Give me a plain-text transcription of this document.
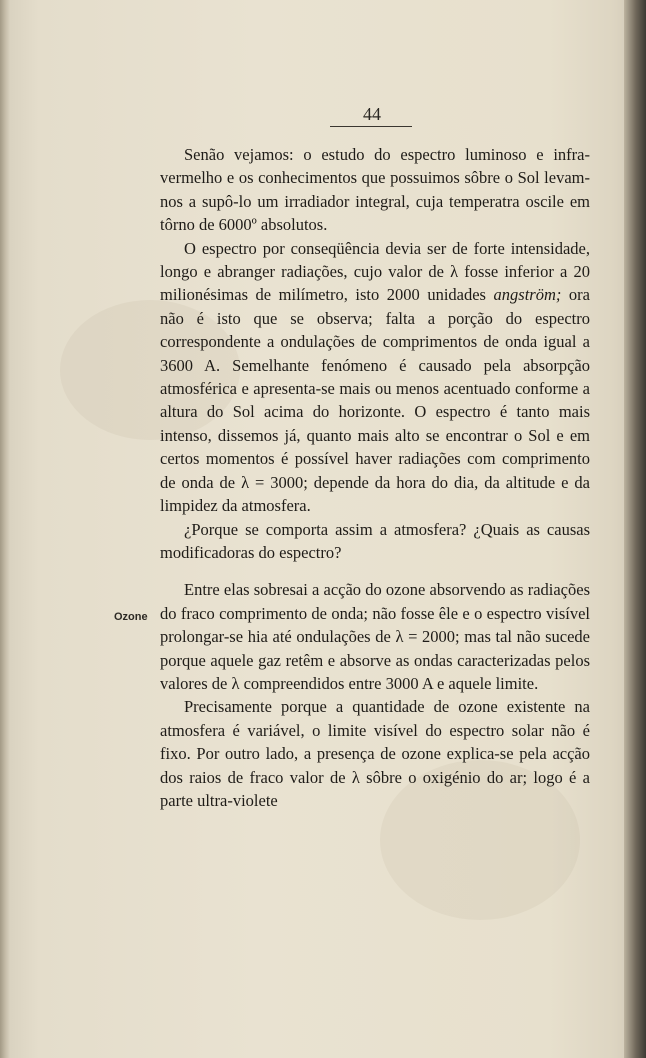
44
Ozone

Senão vejamos: o estudo do espectro luminoso e infra-vermelho e os conhecimentos que possuimos sôbre o Sol levam-nos a supô-lo um irradiador integral, cuja temperatra oscile em tôrno de 6000º absolutos.

O espectro por conseqüência devia ser de forte intensidade, longo e abranger radiações, cujo valor de λ fosse inferior a 20 milionésimas de milímetro, isto 2000 unidades angström; ora não é isto que se observa; falta a porção do espectro correspondente a ondulações de comprimentos de onda igual a 3600 A. Semelhante fenómeno é causado pela absorpção atmosférica e apresenta-se mais ou menos acentuado conforme a altura do Sol acima do horizonte. O espectro é tanto mais intenso, dissemos já, quanto mais alto se encontrar o Sol e em certos momentos é possível haver radiações com comprimento de onda de λ = 3000; depende da hora do dia, da altitude e da limpidez da atmosfera.

¿Porque se comporta assim a atmosfera? ¿Quais as causas modificadoras do espectro?

Entre elas sobresai a acção do ozone absorvendo as radiações do fraco comprimento de onda; não fosse êle e o espectro visível prolongar-se hia até ondulações de λ = 2000; mas tal não sucede porque aquele gaz retêm e absorve as ondas caracterizadas pelos valores de λ compreendidos entre 3000 A e aquele limite.

Precisamente porque a quantidade de ozone existente na atmosfera é variável, o limite visível do espectro solar não é fixo. Por outro lado, a presença de ozone explica-se pela acção dos raios de fraco valor de λ sôbre o oxigénio do ar; logo é a parte ultra-violete
